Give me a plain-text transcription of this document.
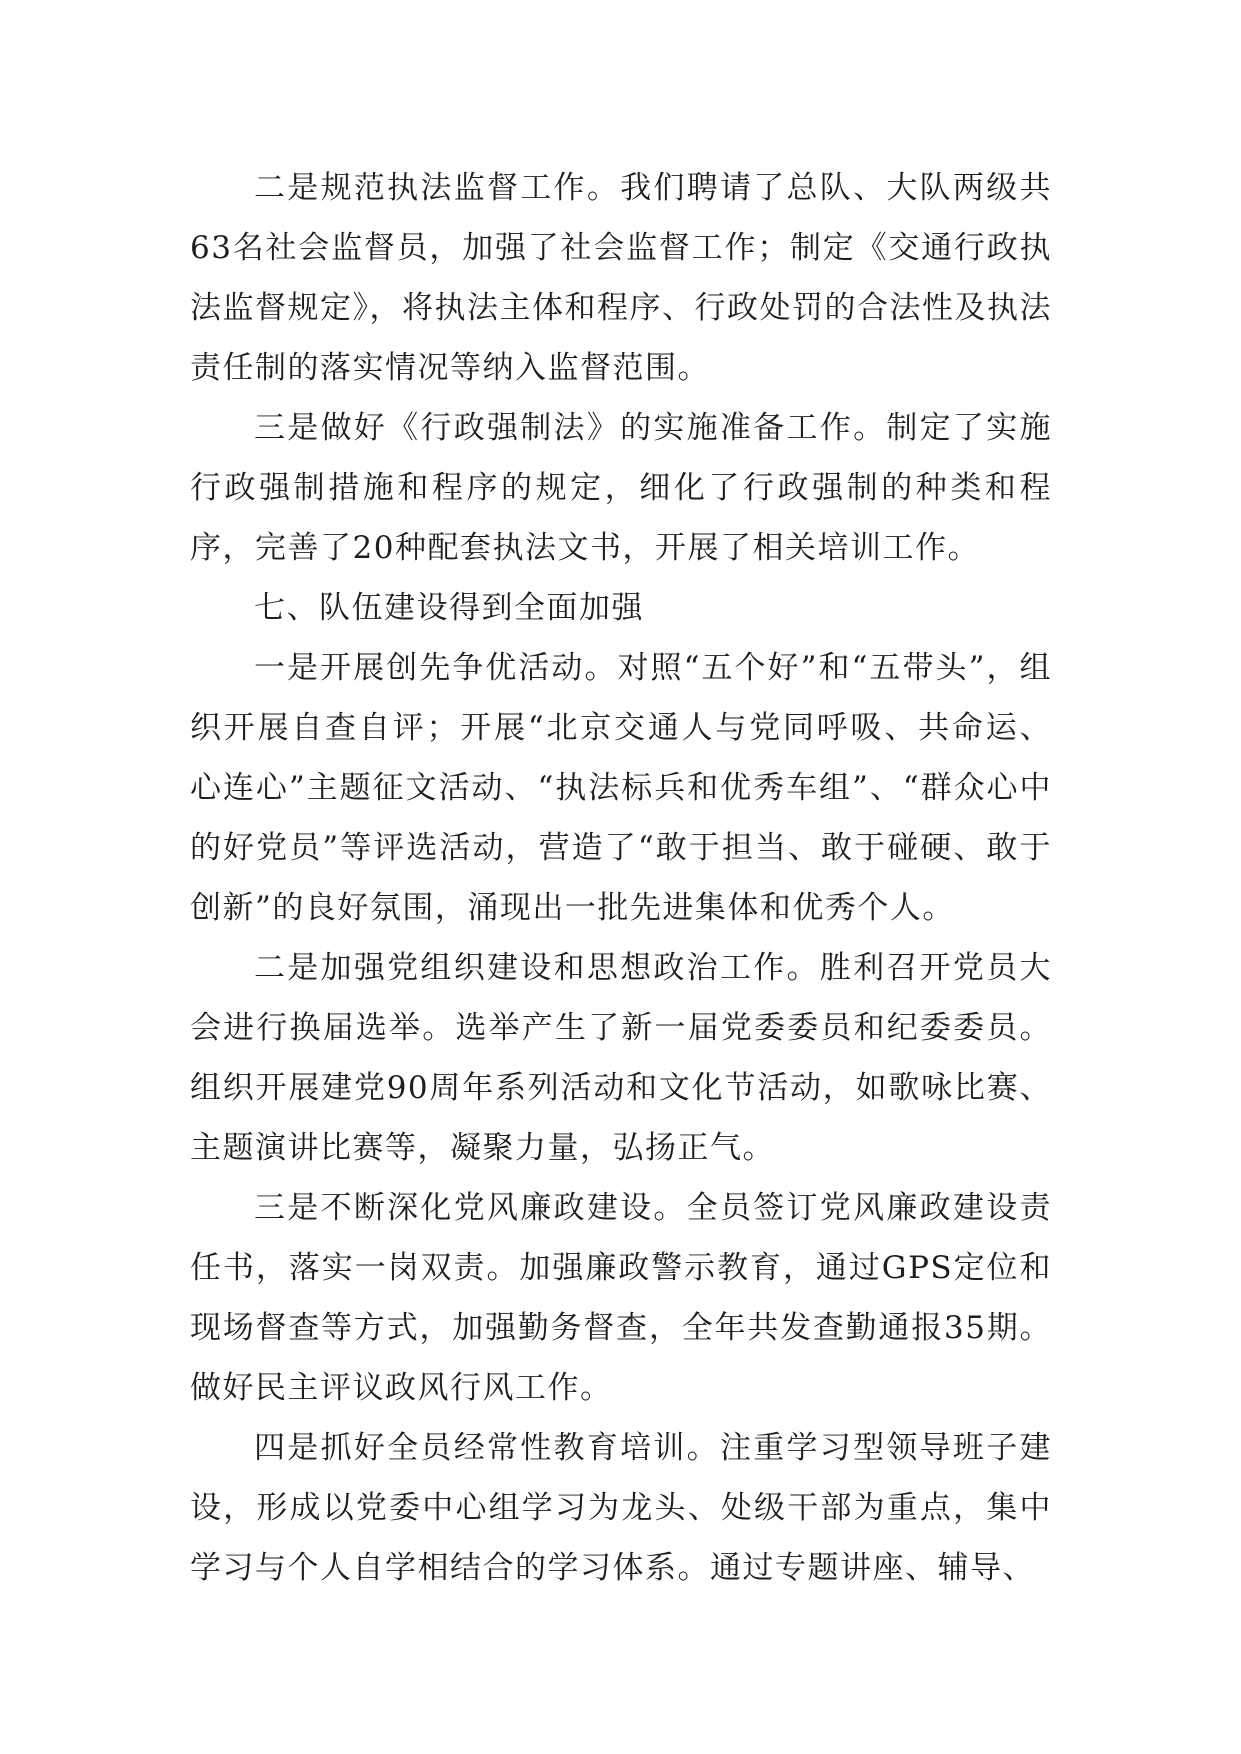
二是规范执法监督工作。我们聘请了总队、大队两级共63名社会监督员，加强了社会监督工作；制定《交通行政执法监督规定》，将执法主体和程序、行政处罚的合法性及执法责任制的落实情况等纳入监督范围。

三是做好《行政强制法》的实施准备工作。制定了实施行政强制措施和程序的规定，细化了行政强制的种类和程序，完善了20种配套执法文书，开展了相关培训工作。

七、队伍建设得到全面加强

一是开展创先争优活动。对照“五个好”和“五带头”，组织开展自查自评；开展“北京交通人与党同呼吸、共命运、心连心”主题征文活动、“执法标兵和优秀车组”、“群众心中的好党员”等评选活动，营造了“敢于担当、敢于碰硬、敢于创新”的良好氛围，涌现出一批先进集体和优秀个人。

二是加强党组织建设和思想政治工作。胜利召开党员大会进行换届选举。选举产生了新一届党委委员和纪委委员。组织开展建党90周年系列活动和文化节活动，如歌咏比赛、主题演讲比赛等，凝聚力量，弘扬正气。

三是不断深化党风廉政建设。全员签订党风廉政建设责任书，落实一岗双责。加强廉政警示教育，通过GPS定位和现场督查等方式，加强勤务督查，全年共发查勤通报35期。做好民主评议政风行风工作。

四是抓好全员经常性教育培训。注重学习型领导班子建设，形成以党委中心组学习为龙头、处级干部为重点，集中学习与个人自学相结合的学习体系。通过专题讲座、辅导、
